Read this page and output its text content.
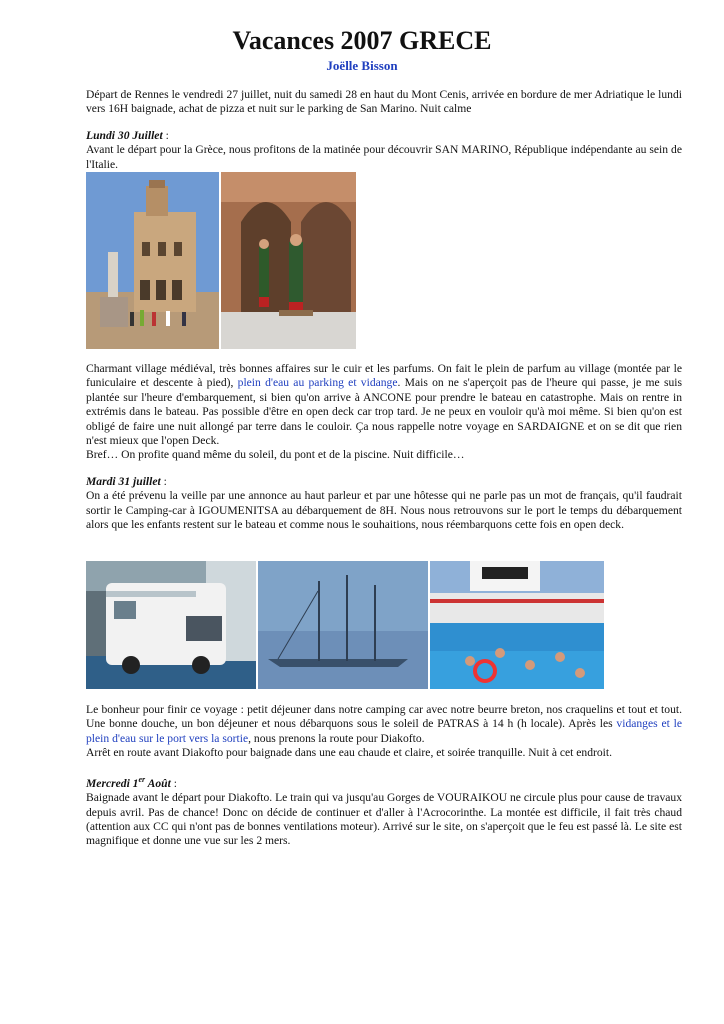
Vacances 2007 GRECE
Joëlle Bisson

Départ de Rennes le vendredi 27 juillet, nuit du samedi 28 en haut du Mont Cenis, arrivée en bordure de mer Adriatique le lundi vers 16H baignade, achat de pizza et nuit sur le parking de San Marino. Nuit calme

Lundi 30 Juillet :
Avant le départ pour la Grèce, nous profitons de la matinée pour découvrir SAN MARINO, République indépendante au sein de l'Italie.

Charmant village médiéval, très bonnes affaires sur le cuir et les parfums. On fait le plein de parfum au village (montée par le funiculaire et descente à pied), plein d'eau au parking et vidange. Mais on ne s'aperçoit pas de l'heure qui passe, je me suis plantée sur l'heure d'embarquement, si bien qu'on arrive à ANCONE pour prendre le bateau en catastrophe. Mais on rentre in extrémis dans le bateau. Pas possible d'être en open deck car trop tard. Je ne peux en vouloir qu'à moi même. Si bien qu'on est obligé de faire une nuit allongé par terre dans le couloir. Ça nous rappelle notre voyage en SARDAIGNE et on se dit que rien n'est mieux que l'open Deck.
Bref… On profite quand même du soleil, du pont et de la piscine. Nuit difficile…

Mardi 31 juillet :
On a été prévenu la veille par une annonce au haut parleur et par une hôtesse qui ne parle pas un mot de français, qu'il faudrait sortir le Camping-car à IGOUMENITSA au débarquement de 8H. Nous nous retrouvons sur le port le temps du débarquement alors que les enfants restent sur le bateau et comme nous le souhaitions, nous réembarquons cette fois en open deck.

Le bonheur pour finir ce voyage : petit déjeuner dans notre camping car avec notre beurre breton, nos craquelins et tout et tout. Une bonne douche, un bon déjeuner et nous débarquons sous le soleil de PATRAS à 14 h (h locale). Après les vidanges et le plein d'eau sur le port vers la sortie, nous prenons la route pour Diakofto.
Arrêt en route avant Diakofto pour baignade dans une eau chaude et claire, et soirée tranquille. Nuit à cet endroit.

Mercredi 1er Août :
Baignade avant le départ pour Diakofto. Le train qui va jusqu'au Gorges de VOURAIKOU ne circule plus pour cause de travaux depuis avril. Pas de chance! Donc on décide de continuer et d'aller à l'Acrocorinthe. La montée est difficile, il fait très chaud (attention aux CC qui n'ont pas de bonnes ventilations moteur). Arrivé sur le site, on s'aperçoit que le feu est passé là. Le site est magnifique et donne une vue sur les 2 mers.
